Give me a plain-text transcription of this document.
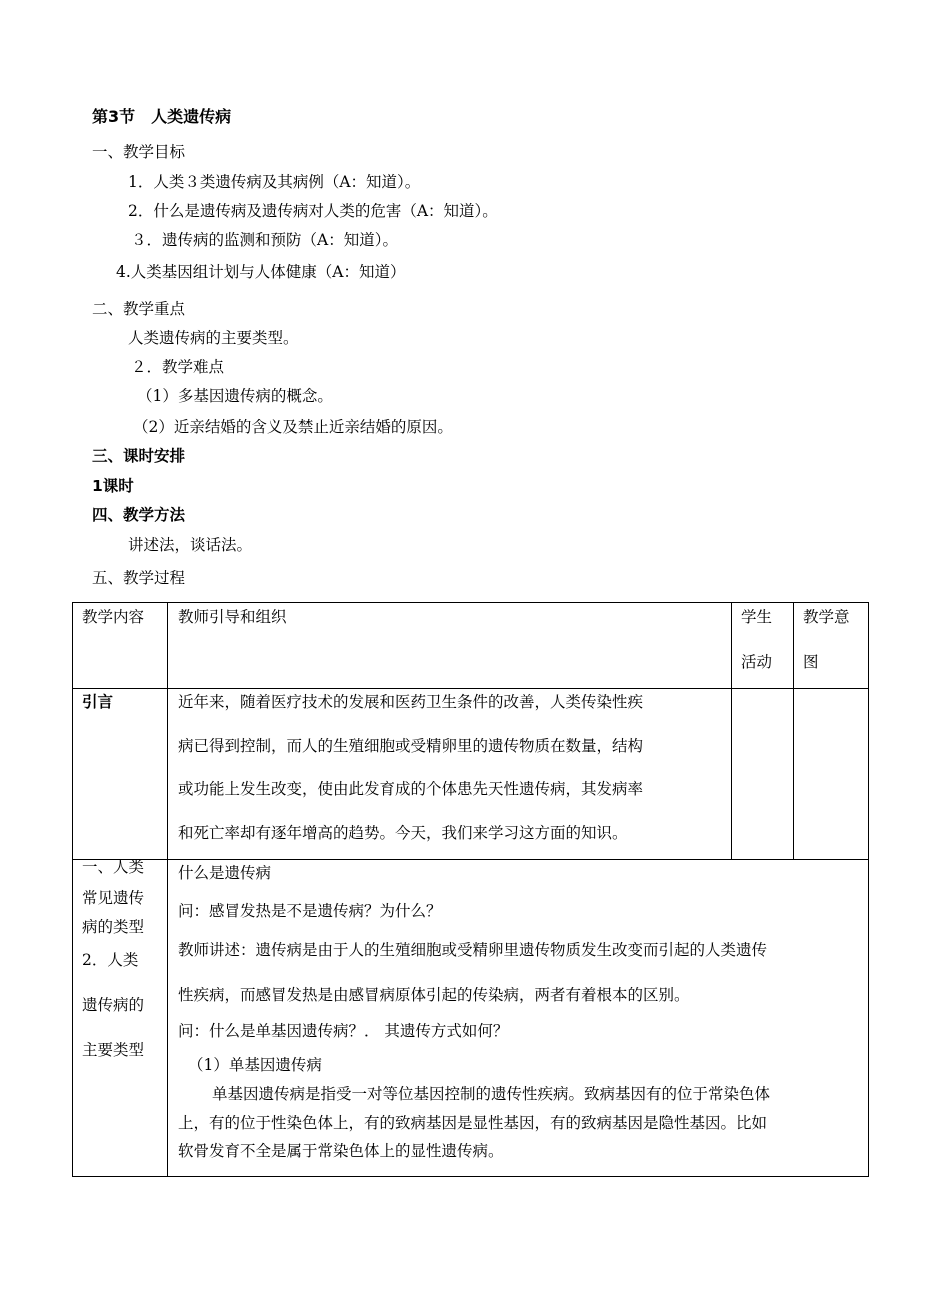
第3节　人类遗传病
一、教学目标
1．人类３类遗传病及其病例（A：知道）。
2．什么是遗传病及遗传病对人类的危害（A：知道）。
３．遗传病的监测和预防（A：知道）。
4.人类基因组计划与人体健康（A：知道）
二、教学重点
人类遗传病的主要类型。
２．教学难点
（1）多基因遗传病的概念。
（2）近亲结婚的含义及禁止近亲结婚的原因。
三、课时安排
1课时
四、教学方法
讲述法，谈话法。
五、教学过程
教学内容 教师引导和组织	学生
活动
教学意
图
引言	近年来，随着医疗技术的发展和医药卫生条件的改善，人类传染性疾
病已得到控制，而人的生殖细胞或受精卵里的遗传物质在数量，结构
或功能上发生改变，使由此发育成的个体患先天性遗传病，其发病率
和死亡率却有逐年增高的趋势。今天，我们来学习这方面的知识。
一、人类
常见遗传
病的类型
2．人类
遗传病的
主要类型
什么是遗传病
问：感冒发热是不是遗传病？为什么？
教师讲述：遗传病是由于人的生殖细胞或受精卵里遗传物质发生改变而引起的人类遗传
性疾病，而感冒发热是由感冒病原体引起的传染病，两者有着根本的区别。
问：什么是单基因遗传病？． 其遗传方式如何？
（1）单基因遗传病
单基因遗传病是指受一对等位基因控制的遗传性疾病。致病基因有的位于常染色体
上，有的位于性染色体上，有的致病基因是显性基因，有的致病基因是隐性基因。比如
软骨发育不全是属于常染色体上的显性遗传病。
